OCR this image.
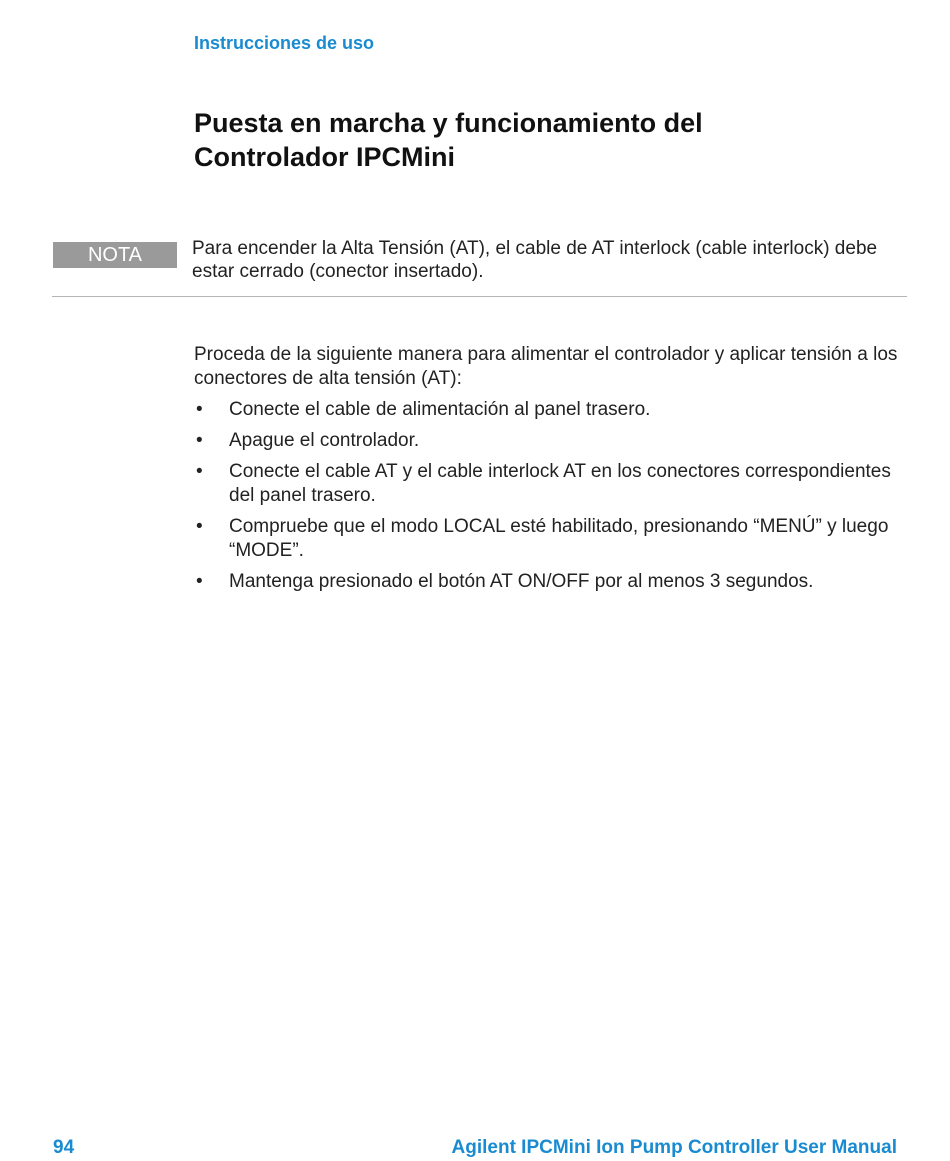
Instrucciones de uso
Puesta en marcha y funcionamiento del Controlador IPCMini
NOTA	Para encender la Alta Tensión (AT), el cable de AT interlock (cable interlock) debe estar cerrado (conector insertado).
Proceda de la siguiente manera para alimentar el controlador y aplicar tensión a los conectores de alta tensión (AT):
• Conecte el cable de alimentación al panel trasero.
• Apague el controlador.
• Conecte el cable AT y el cable interlock AT en los conectores correspondientes del panel trasero.
• Compruebe que el modo LOCAL esté habilitado, presionando “MENÚ” y luego “MODE”.
• Mantenga presionado el botón AT ON/OFF por al menos 3 segundos.
94	Agilent IPCMini Ion Pump Controller User Manual
